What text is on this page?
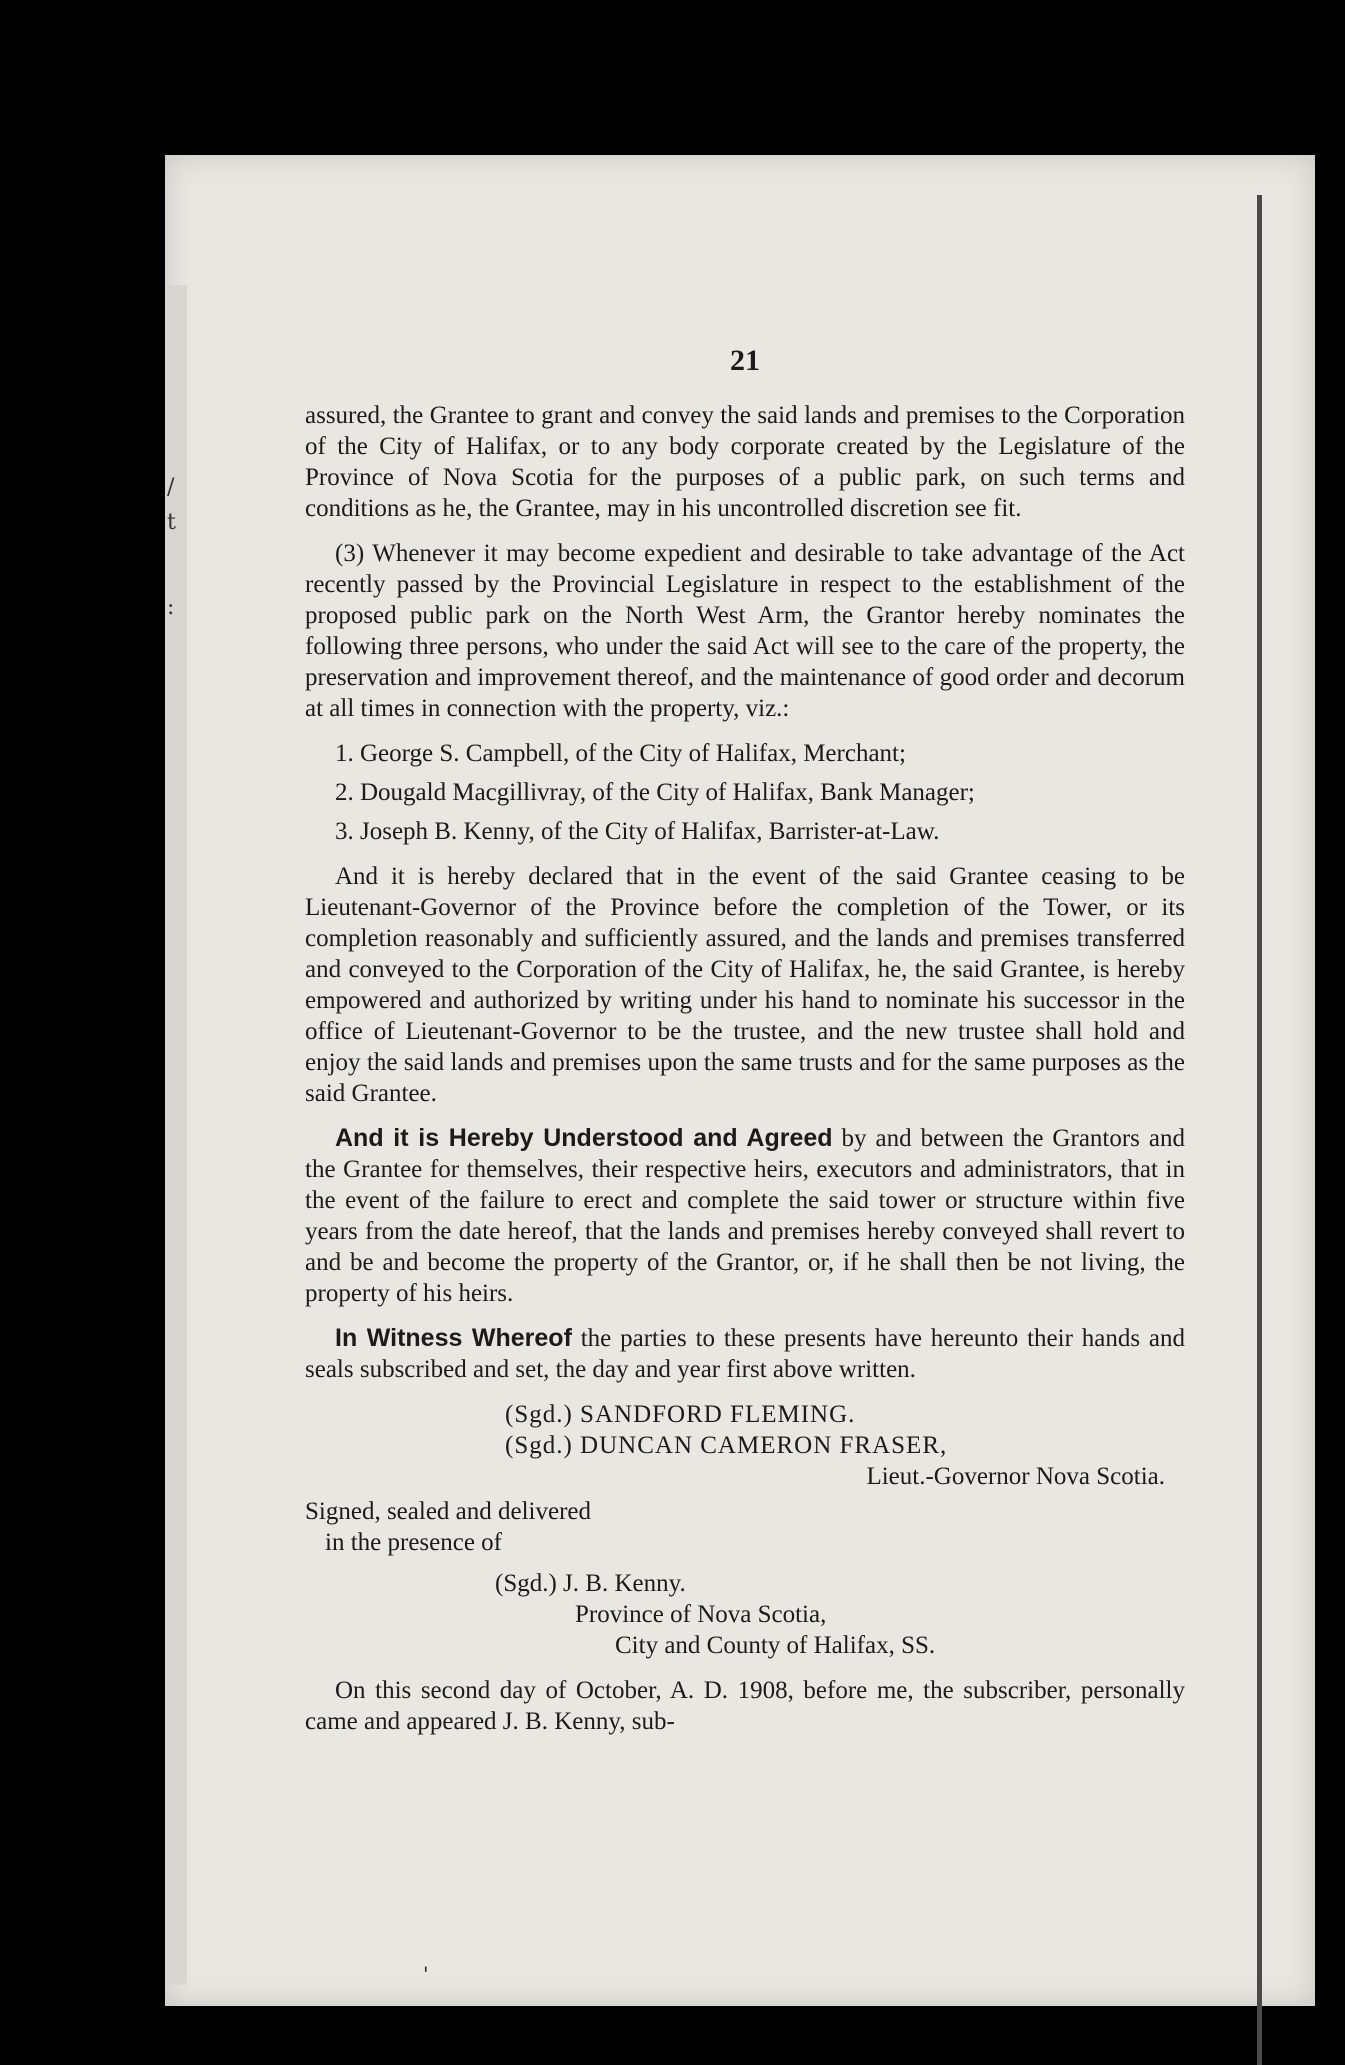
/
t
:
21

assured, the Grantee to grant and convey the said lands and premises to the Corporation of the City of Halifax, or to any body corporate created by the Legislature of the Province of Nova Scotia for the purposes of a public park, on such terms and conditions as he, the Grantee, may in his uncontrolled discretion see fit.

(3) Whenever it may become expedient and desirable to take advantage of the Act recently passed by the Provincial Legislature in respect to the establishment of the proposed public park on the North West Arm, the Grantor hereby nominates the following three persons, who under the said Act will see to the care of the property, the preservation and improvement thereof, and the maintenance of good order and decorum at all times in connection with the property, viz.:

1. George S. Campbell, of the City of Halifax, Merchant;

2. Dougald Macgillivray, of the City of Halifax, Bank Manager;

3. Joseph B. Kenny, of the City of Halifax, Barrister-at-Law.

And it is hereby declared that in the event of the said Grantee ceasing to be Lieutenant-Governor of the Province before the completion of the Tower, or its completion reasonably and sufficiently assured, and the lands and premises transferred and conveyed to the Corporation of the City of Halifax, he, the said Grantee, is hereby empowered and authorized by writing under his hand to nominate his successor in the office of Lieutenant-Governor to be the trustee, and the new trustee shall hold and enjoy the said lands and premises upon the same trusts and for the same purposes as the said Grantee.

And it is Hereby Understood and Agreed by and between the Grantors and the Grantee for themselves, their respective heirs, executors and administrators, that in the event of the failure to erect and complete the said tower or structure within five years from the date hereof, that the lands and premises hereby conveyed shall revert to and be and become the property of the Grantor, or, if he shall then be not living, the property of his heirs.

In Witness Whereof the parties to these presents have hereunto their hands and seals subscribed and set, the day and year first above written.

(Sgd.) SANDFORD FLEMING.

(Sgd.) DUNCAN CAMERON FRASER,

Lieut.-Governor Nova Scotia.

Signed, sealed and delivered

in the presence of

(Sgd.) J. B. Kenny.

Province of Nova Scotia,

City and County of Halifax, SS.

On this second day of October, A. D. 1908, before me, the subscriber, personally came and appeared J. B. Kenny, sub-

'
